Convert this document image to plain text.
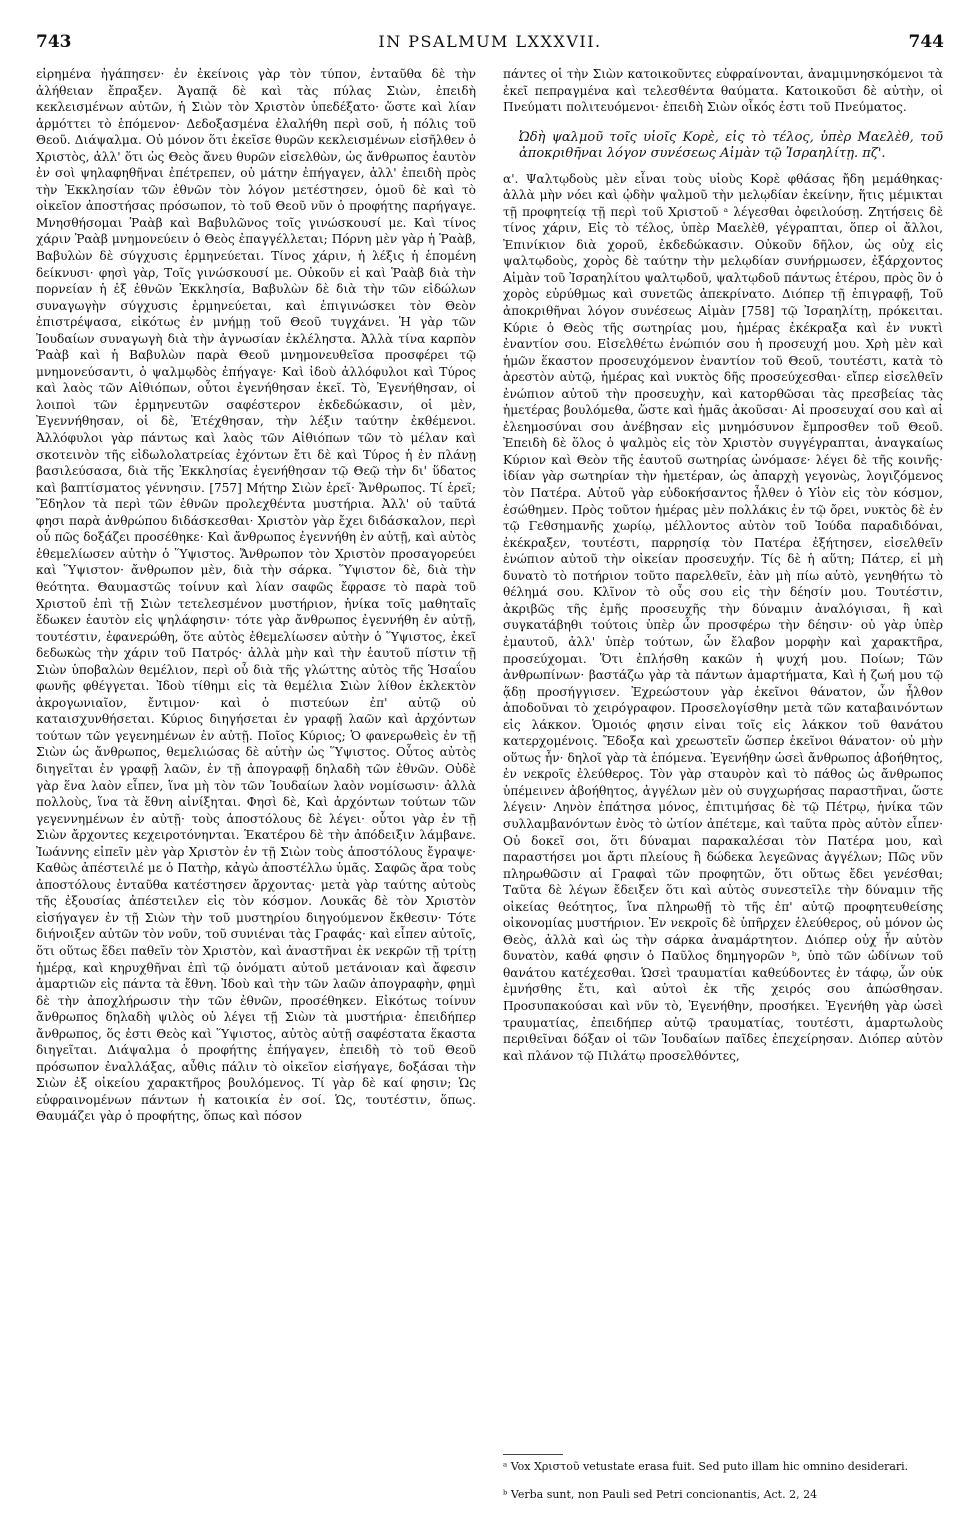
743	IN PSALMUM LXXXVII.	744

εἰρημένα ἠγάπησεν· ἐν ἐκείνοις γὰρ τὸν τύπον, ἐνταῦθα δὲ τὴν ἀλήθειαν ἔπραξεν. Ἀγαπᾷ δὲ καὶ τὰς πύλας Σιὼν, ἐπειδὴ κεκλεισμένων αὐτῶν, ἡ Σιὼν τὸν Χριστὸν ὑπεδέξατο· ὥστε καὶ λίαν ἁρμόττει τὸ ἑπόμενον· Δεδοξασμένα ἐλαλήθη περὶ σοῦ, ἡ πόλις τοῦ Θεοῦ. Διάψαλμα. Οὐ μόνον ὅτι ἐκεῖσε θυρῶν κεκλεισμένων εἰσῆλθεν ὁ Χριστὸς, ἀλλ' ὅτι ὡς Θεὸς ἄνευ θυρῶν εἰσελθὼν, ὡς ἄνθρωπος ἑαυτὸν ἐν σοὶ ψηλαφηθῆναι ἐπέτρεπεν, οὐ μάτην ἐπήγαγεν, ἀλλ' ἐπειδὴ πρὸς τὴν Ἐκκλησίαν τῶν ἐθνῶν τὸν λόγον μετέστησεν, ὁμοῦ δὲ καὶ τὸ οἰκεῖον ἀποστήσας πρόσωπον, τὸ τοῦ Θεοῦ νῦν ὁ προφήτης παρήγαγε. Μνησθήσομαι Ῥαὰβ καὶ Βαβυλῶνος τοῖς γινώσκουσί με. Καὶ τίνος χάριν Ῥαὰβ μνημονεύειν ὁ Θεὸς ἐπαγγέλλεται; Πόρνη μὲν γὰρ ἡ Ῥαὰβ, Βαβυλὼν δὲ σύγχυσις ἑρμηνεύεται. Τίνος χάριν, ἡ λέξις ἡ ἑπομένη δείκνυσι· φησὶ γὰρ, Τοῖς γινώσκουσί με. Οὐκοῦν εἰ καὶ Ῥαὰβ διὰ τὴν πορνείαν ἡ ἐξ ἐθνῶν Ἐκκλησία, Βαβυλὼν δὲ διὰ τὴν τῶν εἰδώλων συναγωγὴν σύγχυσις ἑρμηνεύεται, καὶ ἐπιγινώσκει τὸν Θεὸν ἐπιστρέψασα, εἰκότως ἐν μνήμῃ τοῦ Θεοῦ τυγχάνει. Ἡ γὰρ τῶν Ἰουδαίων συναγωγὴ διὰ τὴν ἀγνωσίαν ἐκλέληστα. Ἀλλὰ τίνα καρπὸν Ῥαὰβ καὶ ἡ Βαβυλὼν παρὰ Θεοῦ μνημονευθεῖσα προσφέρει τῷ μνημονεύσαντι, ὁ ψαλμῳδὸς ἐπήγαγε· Καὶ ἰδοὺ ἀλλόφυλοι καὶ Τύρος καὶ λαὸς τῶν Αἰθιόπων, οὗτοι ἐγενήθησαν ἐκεῖ. Τὸ, Ἐγενήθησαν, οἱ λοιποὶ τῶν ἑρμηνευτῶν σαφέστερον ἐκδεδώκασιν, οἱ μὲν, Ἐγεννήθησαν, οἱ δὲ, Ἐτέχθησαν, τὴν λέξιν ταύτην ἐκθέμενοι. Ἀλλόφυλοι γὰρ πάντως καὶ λαὸς τῶν Αἰθιόπων τῶν τὸ μέλαν καὶ σκοτεινὸν τῆς εἰδωλολατρείας ἐχόντων ἔτι δὲ καὶ Τύρος ἡ ἐν πλάνῃ βασιλεύσασα, διὰ τῆς Ἐκκλησίας ἐγενήθησαν τῷ Θεῷ τὴν δι' ὕδατος καὶ βαπτίσματος γέννησιν. [757] Μήτηρ Σιὼν ἐρεῖ· Ἄνθρωπος. Τί ἐρεῖ; Ἔδηλον τὰ περὶ τῶν ἐθνῶν προλεχθέντα μυστήρια. Ἀλλ' οὐ ταῦτά φησι παρὰ ἀνθρώπου διδάσκεσθαι· Χριστὸν γὰρ ἔχει διδάσκαλον, περὶ οὗ πῶς δοξάζει προσέθηκε· Καὶ ἄνθρωπος ἐγεννήθη ἐν αὐτῇ, καὶ αὐτὸς ἐθεμελίωσεν αὐτὴν ὁ Ὕψιστος. Ἄνθρωπον τὸν Χριστὸν προσαγορεύει καὶ Ὕψιστον· ἄνθρωπον μὲν, διὰ τὴν σάρκα. Ὕψιστον δὲ, διὰ τὴν θεότητα. Θαυμαστῶς τοίνυν καὶ λίαν σαφῶς ἔφρασε τὸ παρὰ τοῦ Χριστοῦ ἐπὶ τῇ Σιὼν τετελεσμένον μυστήριον, ἡνίκα τοῖς μαθηταῖς ἔδωκεν ἑαυτὸν εἰς ψηλάφησιν· τότε γὰρ ἄνθρωπος ἐγεννήθη ἐν αὐτῇ, τουτέστιν, ἐφανερώθη, ὅτε αὐτὸς ἐθεμελίωσεν αὐτὴν ὁ Ὕψιστος, ἐκεῖ δεδωκὼς τὴν χάριν τοῦ Πατρός· ἀλλὰ μὴν καὶ τὴν ἑαυτοῦ πίστιν τῇ Σιὼν ὑποβαλὼν θεμέλιον, περὶ οὗ διὰ τῆς γλώττης αὐτὸς τῆς Ἡσαΐου φωνῆς φθέγγεται. Ἰδοὺ τίθημι εἰς τὰ θεμέλια Σιὼν λίθον ἐκλεκτὸν ἀκρογωνιαῖον, ἔντιμον· καὶ ὁ πιστεύων ἐπ' αὐτῷ οὐ καταισχυνθήσεται. Κύριος διηγήσεται ἐν γραφῇ λαῶν καὶ ἀρχόντων τούτων τῶν γεγενημένων ἐν αὐτῇ. Ποῖος Κύριος; Ὁ φανερωθεὶς ἐν τῇ Σιὼν ὡς ἄνθρωπος, θεμελιώσας δὲ αὐτὴν ὡς Ὕψιστος. Οὗτος αὐτὸς διηγεῖται ἐν γραφῇ λαῶν, ἐν τῇ ἀπογραφῇ δηλαδὴ τῶν ἐθνῶν. Οὐδὲ γὰρ ἕνα λαὸν εἶπεν, ἵνα μὴ τὸν τῶν Ἰουδαίων λαὸν νομίσωσιν· ἀλλὰ πολλοὺς, ἵνα τὰ ἔθνη αἰνίξηται. Φησὶ δὲ, Καὶ ἀρχόντων τούτων τῶν γεγεννημένων ἐν αὐτῇ· τοὺς ἀποστόλους δὲ λέγει· οὗτοι γὰρ ἐν τῇ Σιὼν ἄρχοντες κεχειροτόνηνται. Ἑκατέρου δὲ τὴν ἀπόδειξιν λάμβανε. Ἰωάννης εἰπεῖν μὲν γὰρ Χριστὸν ἐν τῇ Σιὼν τοὺς ἀποστόλους ἔγραψε· Καθὼς ἀπέστειλέ με ὁ Πατὴρ, κἀγὼ ἀποστέλλω ὑμᾶς. Σαφῶς ἄρα τοὺς ἀποστόλους ἐνταῦθα κατέστησεν ἄρχοντας· μετὰ γὰρ ταύτης αὐτοὺς τῆς ἐξουσίας ἀπέστειλεν εἰς τὸν κόσμον. Λουκᾶς δὲ τὸν Χριστὸν εἰσήγαγεν ἐν τῇ Σιὼν τὴν τοῦ μυστηρίου διηγούμενον ἔκθεσιν· Τότε διήνοιξεν αὐτῶν τὸν νοῦν, τοῦ συνιέναι τὰς Γραφάς· καὶ εἶπεν αὐτοῖς, ὅτι οὕτως ἔδει παθεῖν τὸν Χριστὸν, καὶ ἀναστῆναι ἐκ νεκρῶν τῇ τρίτῃ ἡμέρᾳ, καὶ κηρυχθῆναι ἐπὶ τῷ ὀνόματι αὐτοῦ μετάνοιαν καὶ ἄφεσιν ἁμαρτιῶν εἰς πάντα τὰ ἔθνη. Ἰδοὺ καὶ τὴν τῶν λαῶν ἀπογραφὴν, φημὶ δὲ τὴν ἀποχλήρωσιν τὴν τῶν ἐθνῶν, προσέθηκεν. Εἰκότως τοίνυν ἄνθρωπος δηλαδὴ ψιλὸς οὐ λέγει τῇ Σιὼν τὰ μυστήρια· ἐπειδήπερ ἄνθρωπος, ὅς ἐστι Θεὸς καὶ Ὕψιστος, αὐτὸς αὐτῇ σαφέστατα ἕκαστα διηγεῖται. Διάψαλμα ὁ προφήτης ἐπήγαγεν, ἐπειδὴ τὸ τοῦ Θεοῦ πρόσωπον ἐναλλάξας, αὖθις πάλιν τὸ οἰκεῖον εἰσήγαγε, δοξάσαι τὴν Σιὼν ἐξ οἰκείου χαρακτῆρος βουλόμενος. Τί γὰρ δὲ καί φησιν; Ὡς εὐφραινομένων πάντων ἡ κατοικία ἐν σοί. Ὡς, τουτέστιν, ὅπως. Θαυμάζει γὰρ ὁ προφήτης, ὅπως καὶ πόσον

πάντες οἱ τὴν Σιὼν κατοικοῦντες εὐφραίνονται, ἀναμιμνησκόμενοι τὰ ἐκεῖ πεπραγμένα καὶ τελεσθέντα θαύματα. Κατοικοῦσι δὲ αὐτὴν, οἱ Πνεύματι πολιτευόμενοι· ἐπειδὴ Σιὼν οἶκός ἐστι τοῦ Πνεύματος.

Ὠδὴ ψαλμοῦ τοῖς υἱοῖς Κορὲ, εἰς τὸ τέλος, ὑπὲρ Μαελὲθ, τοῦ ἀποκριθῆναι λόγον συνέσεως Αἰμὰν τῷ Ἰσραηλίτῃ. πζ'.

α'. Ψαλτῳδοὺς μὲν εἶναι τοὺς υἱοὺς Κορὲ φθάσας ἤδη μεμάθηκας· ἀλλὰ μὴν νόει καὶ ᾠδὴν ψαλμοῦ τὴν μελῳδίαν ἐκείνην, ἥτις μέμικται τῇ προφητείᾳ τῇ περὶ τοῦ Χριστοῦ ᵃ λέγεσθαι ὀφειλούσῃ. Ζητήσεις δὲ τίνος χάριν, Εἰς τὸ τέλος, ὑπὲρ Μαελὲθ, γέγραπται, ὅπερ οἱ ἄλλοι, Ἐπινίκιον διὰ χοροῦ, ἐκδεδώκασιν. Οὐκοῦν δῆλον, ὡς οὐχ εἰς ψαλτῳδοὺς, χορὸς δὲ ταύτην τὴν μελῳδίαν συνήρμωσεν, ἐξάρχοντος Αἰμὰν τοῦ Ἰσραηλίτου ψαλτῳδοῦ, ψαλτῳδοῦ πάντως ἑτέρου, πρὸς ὃν ὁ χορὸς εὐρύθμως καὶ συνετῶς ἀπεκρίνατο. Διόπερ τῇ ἐπιγραφῇ, Τοῦ ἀποκριθῆναι λόγον συνέσεως Αἰμὰν [758] τῷ Ἰσραηλίτῃ, πρόκειται. Κύριε ὁ Θεὸς τῆς σωτηρίας μου, ἡμέρας ἐκέκραξα καὶ ἐν νυκτὶ ἐναντίον σου. Εἰσελθέτω ἐνώπιόν σου ἡ προσευχή μου. Χρὴ μὲν καὶ ἡμῶν ἕκαστον προσευχόμενον ἐναντίον τοῦ Θεοῦ, τουτέστι, κατὰ τὸ ἀρεστὸν αὐτῷ, ἡμέρας καὶ νυκτὸς δῆς προσεύχεσθαι· εἴπερ εἰσελθεῖν ἐνώπιον αὐτοῦ τὴν προσευχὴν, καὶ κατορθῶσαι τὰς πρεσβείας τὰς ἡμετέρας βουλόμεθα, ὥστε καὶ ἡμᾶς ἀκοῦσαι· Αἱ προσευχαί σου καὶ αἱ ἐλεημοσύναι σου ἀνέβησαν εἰς μνημόσυνον ἔμπροσθεν τοῦ Θεοῦ. Ἐπειδὴ δὲ ὅλος ὁ ψαλμὸς εἰς τὸν Χριστὸν συγγέγραπται, ἀναγκαίως Κύριον καὶ Θεὸν τῆς ἑαυτοῦ σωτηρίας ὠνόμασε· λέγει δὲ τῆς κοινῆς· ἰδίαν γὰρ σωτηρίαν τὴν ἡμετέραν, ὡς ἀπαρχὴ γεγονὼς, λογιζόμενος τὸν Πατέρα. Αὐτοῦ γὰρ εὐδοκήσαντος ἦλθεν ὁ Υἱὸν εἰς τὸν κόσμον, ἐσώθημεν. Πρὸς τοῦτον ἡμέρας μὲν πολλάκις ἐν τῷ ὄρει, νυκτὸς δὲ ἐν τῷ Γεθσημανῆς χωρίῳ, μέλλοντος αὐτὸν τοῦ Ἰούδα παραδιδόναι, ἐκέκραξεν, τουτέστι, παρρησίᾳ τὸν Πατέρα ἐξήτησεν, εἰσελθεῖν ἐνώπιον αὐτοῦ τὴν οἰκείαν προσευχήν. Τίς δὲ ἡ αὕτη; Πάτερ, εἰ μὴ δυνατὸ τὸ ποτήριον τοῦτο παρελθεῖν, ἐὰν μὴ πίω αὐτὸ, γενηθήτω τὸ θέλημά σου. Κλῖνον τὸ οὖς σου εἰς τὴν δέησίν μου. Τουτέστιν, ἀκριβῶς τῆς ἐμῆς προσευχῆς τὴν δύναμιν ἀναλόγισαι, ἣ καὶ συγκατάβηθι τούτοις ὑπὲρ ὧν προσφέρω τὴν δέησιν· οὐ γὰρ ὑπὲρ ἐμαυτοῦ, ἀλλ' ὑπὲρ τούτων, ὧν ἔλαβον μορφὴν καὶ χαρακτῆρα, προσεύχομαι. Ὅτι ἐπλήσθη κακῶν ἡ ψυχή μου. Ποίων; Τῶν ἀνθρωπίνων· βαστάζω γὰρ τὰ πάντων ἁμαρτήματα, Καὶ ἡ ζωή μου τῷ ᾅδῃ προσήγγισεν. Ἐχρεώστουν γὰρ ἐκεῖνοι θάνατον, ὧν ἦλθον ἀποδοῦναι τὸ χειρόγραφον. Προσελογίσθην μετὰ τῶν καταβαινόντων εἰς λάκκον. Ὁμοιός φησιν εἰναι τοῖς εἰς λάκκον τοῦ θανάτου κατερχομένοις. Ἔδοξα καὶ χρεωστεῖν ὥσπερ ἐκεῖνοι θάνατον· οὐ μὴν οὕτως ἦν· δηλοῖ γὰρ τὰ ἑπόμενα. Ἐγενήθην ὡσεὶ ἄνθρωπος ἀβοήθητος, ἐν νεκροῖς ἐλεύθερος. Τὸν γὰρ σταυρὸν καὶ τὸ πάθος ὡς ἄνθρωπος ὑπέμεινεν ἀβοήθητος, ἀγγέλων μὲν οὐ συγχωρήσας παραστῆναι, ὥστε λέγειν· Ληνὸν ἐπάτησα μόνος, ἐπιτιμήσας δὲ τῷ Πέτρῳ, ἡνίκα τῶν συλλαμβανόντων ἐνὸς τὸ ὠτίον ἀπέτεμε, καὶ ταῦτα πρὸς αὐτὸν εἶπεν· Οὐ δοκεῖ σοι, ὅτι δύναμαι παρακαλέσαι τὸν Πατέρα μου, καὶ παραστήσει μοι ἄρτι πλείους ἢ δώδεκα λεγεῶνας ἀγγέλων; Πῶς νῦν πληρωθῶσιν αἱ Γραφαὶ τῶν προφητῶν, ὅτι οὕτως ἔδει γενέσθαι; Ταῦτα δὲ λέγων ἔδειξεν ὅτι καὶ αὐτὸς συνεστεῖλε τὴν δύναμιν τῆς οἰκείας θεότητος, ἵνα πληρωθῇ τὸ τῆς ἐπ' αὐτῷ προφητευθείσης οἰκονομίας μυστήριον. Ἐν νεκροῖς δὲ ὑπῆρχεν ἐλεύθερος, οὐ μόνον ὡς Θεὸς, ἀλλὰ καὶ ὡς τὴν σάρκα ἀναμάρτητον. Διόπερ οὐχ ἦν αὐτὸν δυνατὸν, καθά φησιν ὁ Παῦλος δημηγορῶν ᵇ, ὑπὸ τῶν ὠδίνων τοῦ θανάτου κατέχεσθαι. Ὡσεὶ τραυματίαι καθεύδοντες ἐν τάφῳ, ὧν οὐκ ἐμνήσθης ἔτι, καὶ αὐτοὶ ἐκ τῆς χειρός σου ἀπώσθησαν. Προσυπακούσαι καὶ νῦν τὸ, Ἐγενήθην, προσήκει. Ἐγενήθη γὰρ ὡσεὶ τραυματίας, ἐπειδήπερ αὐτῷ τραυματίας, τουτέστι, ἁμαρτωλοὺς περιθεῖναι δόξαν οἱ τῶν Ἰουδαίων παῖδες ἐπεχείρησαν. Διόπερ αὐτὸν καὶ πλάνον τῷ Πιλάτῳ προσελθόντες,

ᵃ Vox Χριστοῦ vetustate erasa fuit. Sed puto illam hic omnino desiderari.
ᵇ Verba sunt, non Pauli sed Petri concionantis, Act. 2, 24
